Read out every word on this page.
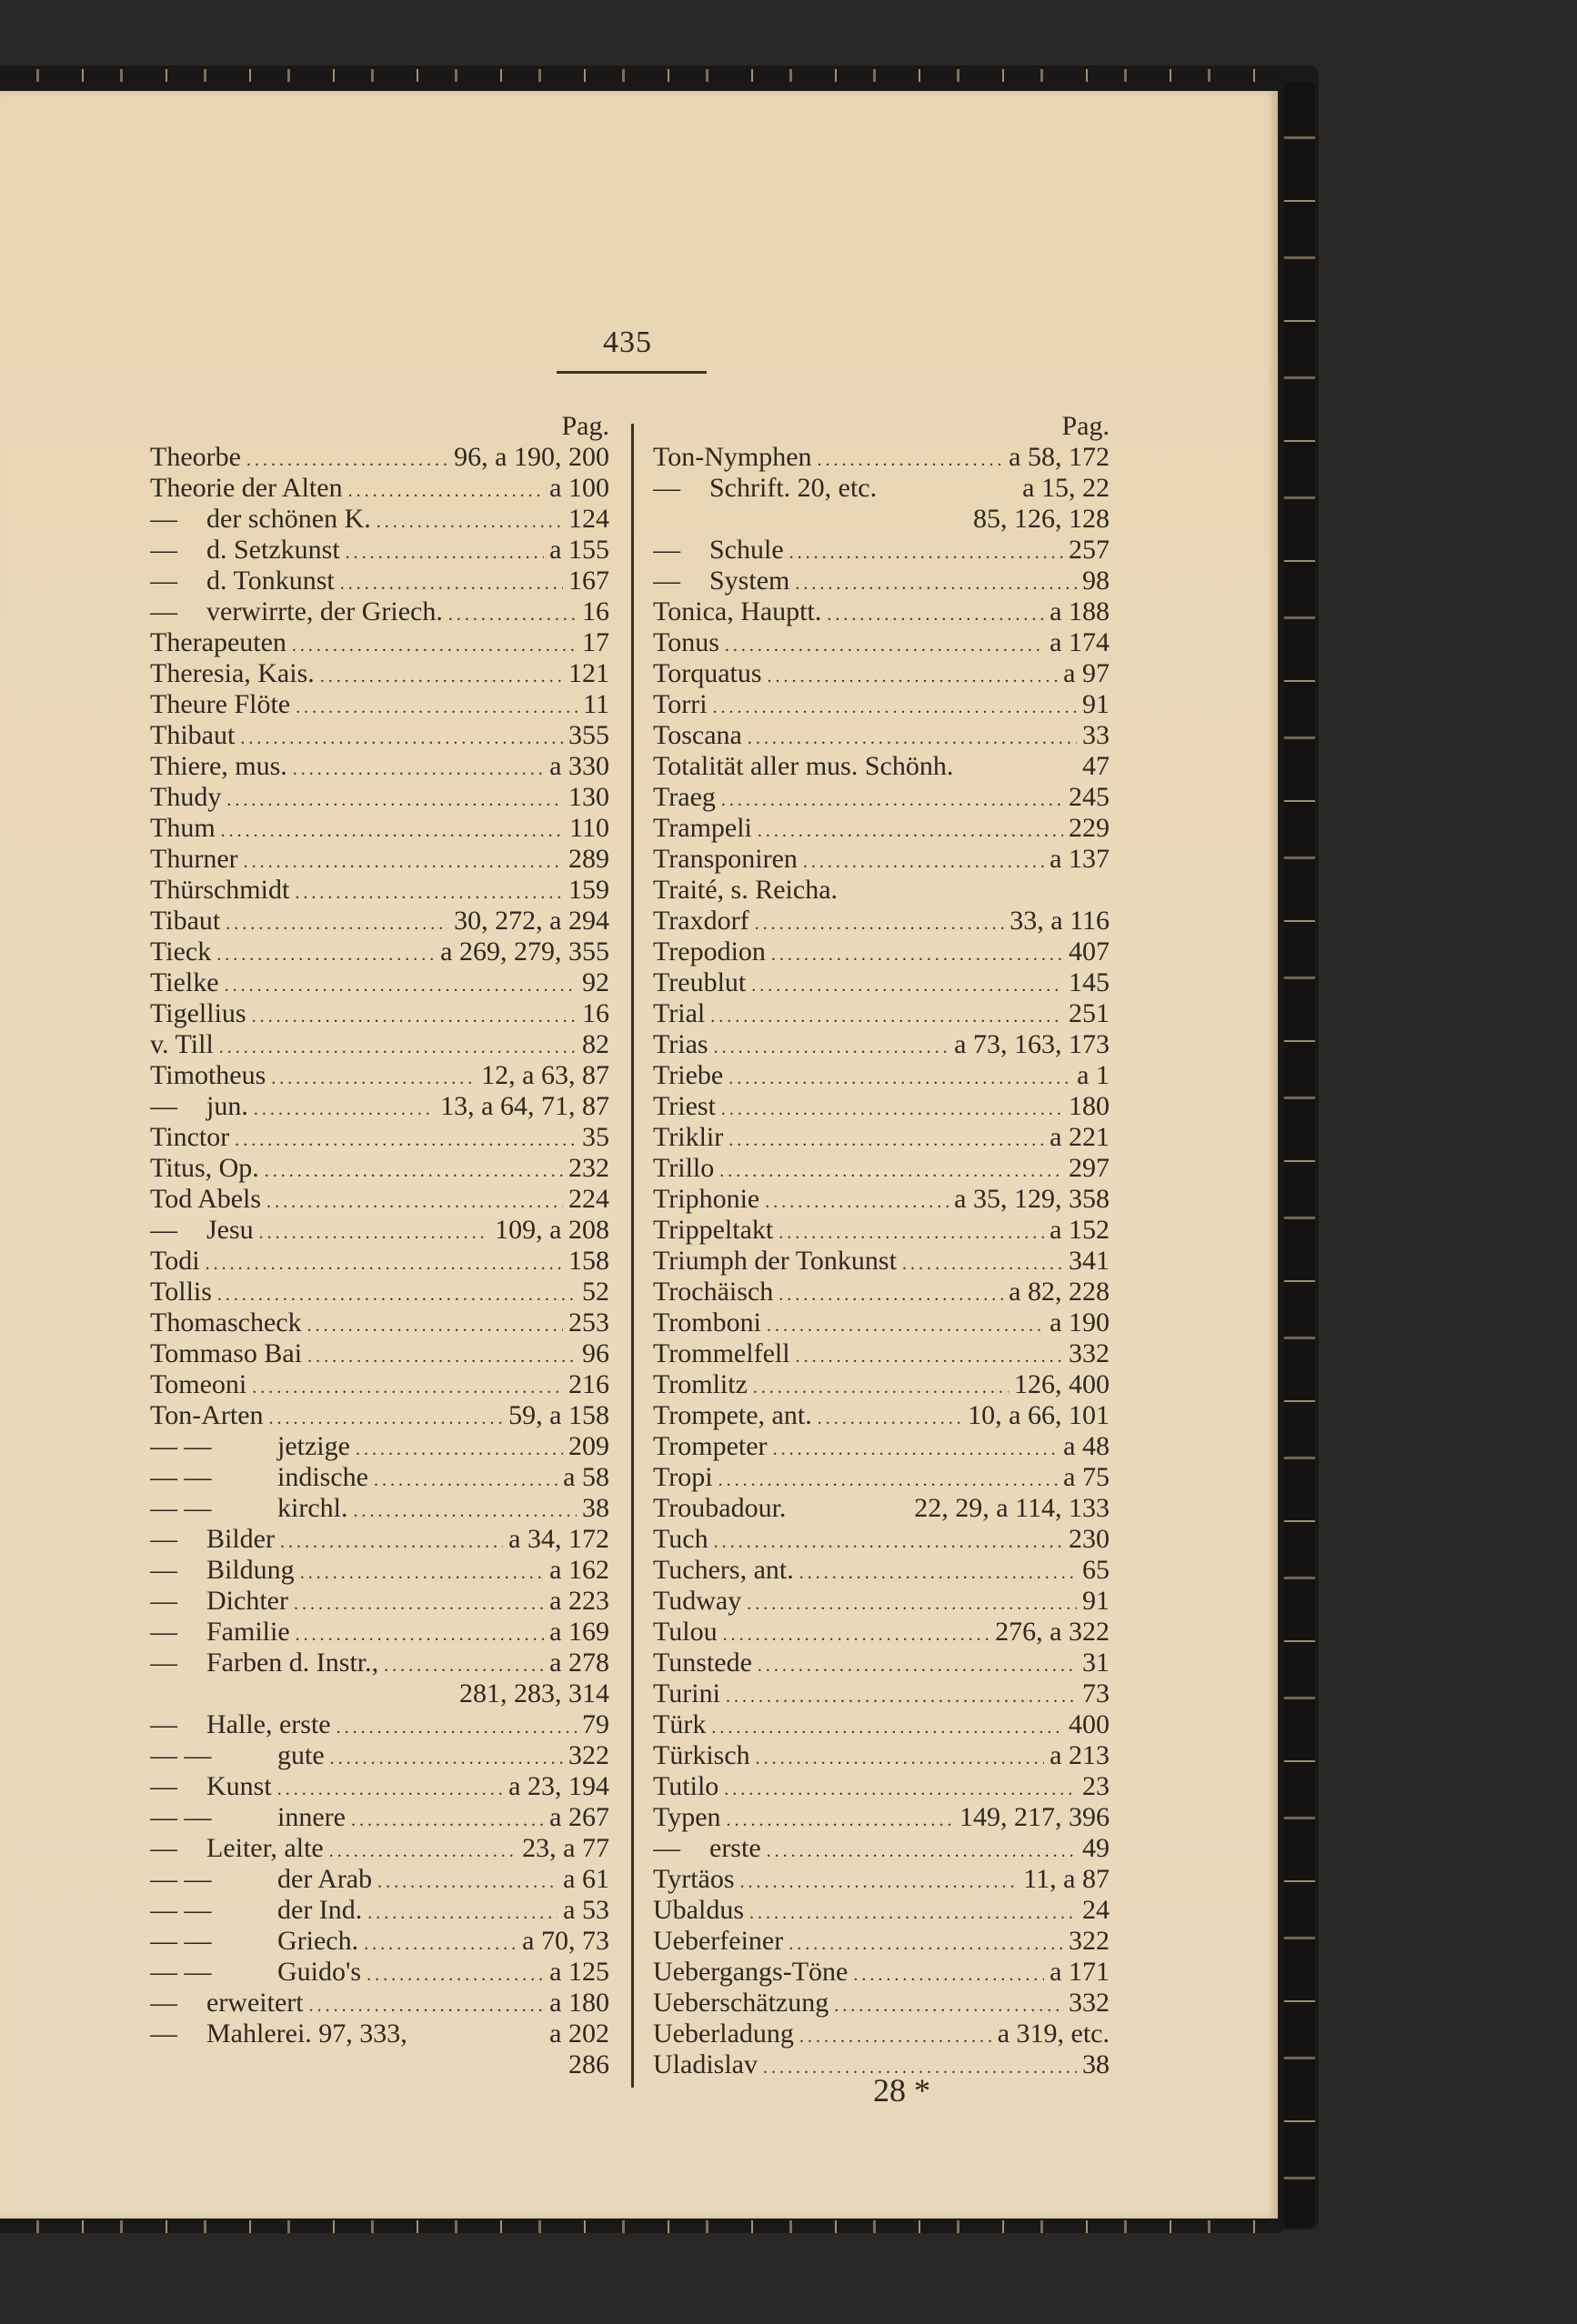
435
Pag.
Theorbe .....	96, a 190, 200
Theorie der Alten .....	a 100
—	der schönen K. .....	124
—	d. Setzkunst .....	a 155
—	d. Tonkunst .....	167
—	verwirrte, der Griech. .....	16
Therapeuten .....	17
Theresia, Kais. .....	121
Theure Flöte .....	11
Thibaut .....	355
Thiere, mus. .....	a 330
Thudy .....	130
Thum .....	110
Thurner .....	289
Thürschmidt .....	159
Tibaut .....	30, 272, a 294
Tieck .....	a 269, 279, 355
Tielke .....	92
Tigellius .....	16
v. Till .....	82
Timotheus .....	12, a 63, 87
—	jun. .....	13, a 64, 71, 87
Tinctor .....	35
Titus, Op. .....	232
Tod Abels .....	224
—	Jesu .....	109, a 208
Todi .....	158
Tollis .....	52
Thomascheck .....	253
Tommaso Bai .....	96
Tomeoni .....	216
Ton-Arten .....	59, a 158
— —	jetzige .....	209
— —	indische .....	a 58
— —	kirchl. .....	38
—	Bilder .....	a 34, 172
—	Bildung .....	a 162
—	Dichter .....	a 223
—	Familie .....	a 169
—	Farben d. Instr., .....	a 278
281, 283, 314
—	Halle, erste .....	79
— —	gute .....	322
—	Kunst .....	a 23, 194
— —	innere .....	a 267
—	Leiter, alte .....	23, a 77
— —	der Arab .....	a 61
— —	der Ind. .....	a 53
— —	Griech. .....	a 70, 73
— —	Guido's .....	a 125
—	erweitert .....	a 180
—	Mahlerei. 97, 333,	a 202
286
Pag.
Ton-Nymphen .....	a 58, 172
—	Schrift. 20, etc.	a 15, 22
85, 126, 128
—	Schule .....	257
—	System .....	98
Tonica, Hauptt. .....	a 188
Tonus .....	a 174
Torquatus .....	a 97
Torri .....	91
Toscana .....	33
Totalität aller mus. Schönh.	47
Traeg .....	245
Trampeli .....	229
Transponiren .....	a 137
Traité, s. Reicha.
Traxdorf .....	33, a 116
Trepodion .....	407
Treublut .....	145
Trial .....	251
Trias .....	a 73, 163, 173
Triebe .....	a 1
Triest .....	180
Triklir .....	a 221
Trillo .....	297
Triphonie .....	a 35, 129, 358
Trippeltakt .....	a 152
Triumph der Tonkunst .....	341
Trochäisch .....	a 82, 228
Tromboni .....	a 190
Trommelfell .....	332
Tromlitz .....	126, 400
Trompete, ant. .....	10, a 66, 101
Trompeter .....	a 48
Tropi .....	a 75
Troubadour.	22, 29, a 114, 133
Tuch .....	230
Tuchers, ant. .....	65
Tudway .....	91
Tulou .....	276, a 322
Tunstede .....	31
Turini .....	73
Türk .....	400
Türkisch .....	a 213
Tutilo .....	23
Typen .....	149, 217, 396
—	erste .....	49
Tyrtäos .....	11, a 87
Ubaldus .....	24
Ueberfeiner .....	322
Uebergangs-Töne .....	a 171
Ueberschätzung .....	332
Ueberladung .....	a 319, etc.
Uladislav .....	38
28 *
